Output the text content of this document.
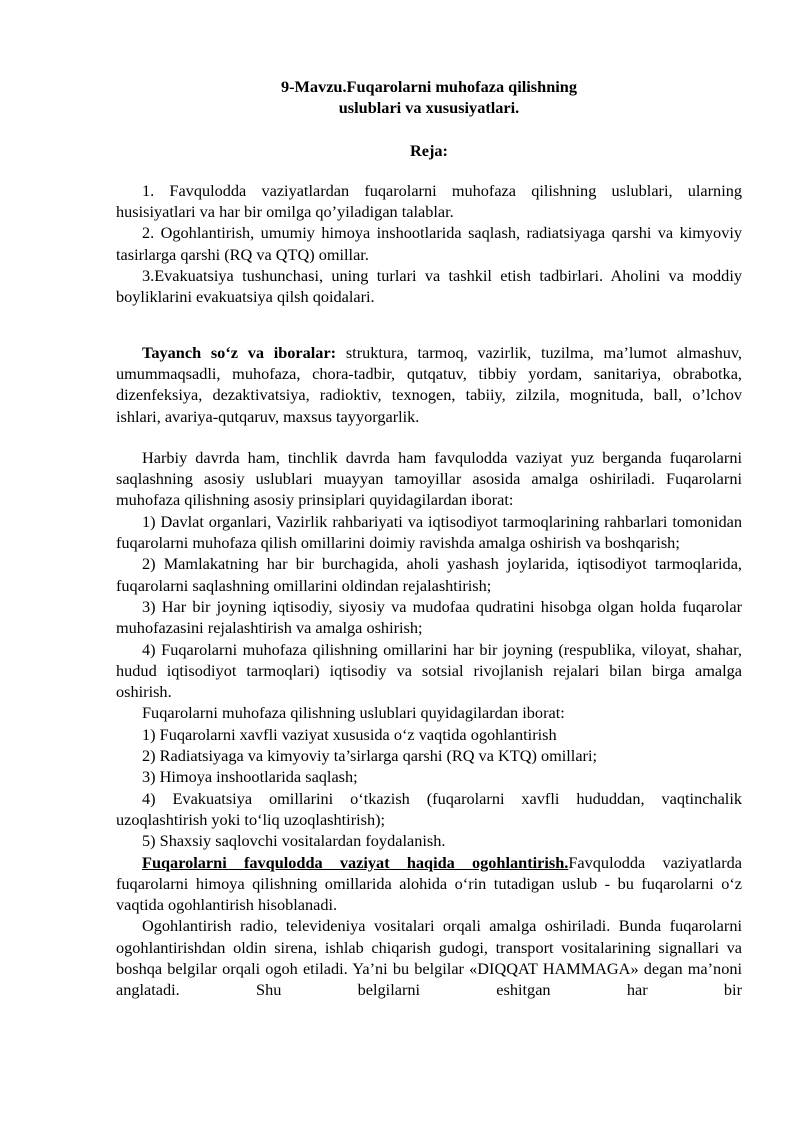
9-Mavzu.Fuqarolarni muhofaza qilishning
uslublari va xususiyatlari.
Reja:

1. Favqulodda vaziyatlardan fuqarolarni muhofaza qilishning uslublari, ularning husisiyatlari va har bir omilga qo’yiladigan talablar.

2. Ogohlantirish, umumiy himoya inshootlarida saqlash, radiatsiyaga qarshi va kimyoviy tasirlarga qarshi (RQ va QTQ) omillar.

3.Evakuatsiya tushunchasi, uning turlari va tashkil etish tadbirlari. Aholini va moddiy boyliklarini evakuatsiya qilsh qoidalari.

Tayanch so‘z va iboralar: struktura, tarmoq, vazirlik, tuzilma, ma’lumot almashuv, umummaqsadli, muhofaza, chora-tadbir, qutqatuv, tibbiy yordam, sanitariya, obrabotka, dizenfeksiya, dezaktivatsiya, radioktiv, texnogen, tabiiy, zilzila, mognituda, ball, o’lchov ishlari, avariya-qutqaruv, maxsus tayyorgarlik.

Harbiy davrda ham, tinchlik davrda ham favqulodda vaziyat yuz berganda fuqarolarni saqlashning asosiy uslublari muayyan tamoyillar asosida amalga oshiriladi. Fuqarolarni muhofaza qilishning asosiy prinsiplari quyidagilardan iborat:

1) Davlat organlari, Vazirlik rahbariyati va iqtisodiyot tarmoqlarining rahbarlari tomonidan fuqarolarni muhofaza qilish omillarini doimiy ravishda amalga oshirish va boshqarish;

2) Mamlakatning har bir burchagida, aholi yashash joylarida, iqtisodiyot tarmoqlarida, fuqarolarni saqlashning omillarini oldindan rejalashtirish;

3) Har bir joyning iqtisodiy, siyosiy va mudofaa qudratini hisobga olgan holda fuqarolar muhofazasini rejalashtirish va amalga oshirish;

4) Fuqarolarni muhofaza qilishning omillarini har bir joyning (respublika, viloyat, shahar, hudud iqtisodiyot tarmoqlari) iqtisodiy va sotsial rivojlanish rejalari bilan birga amalga oshirish.

Fuqarolarni muhofaza qilishning uslublari quyidagilardan iborat:

1) Fuqarolarni xavfli vaziyat xususida o‘z vaqtida ogohlantirish

2) Radiatsiyaga va kimyoviy ta’sirlarga qarshi (RQ va KTQ) omillari;

3) Himoya inshootlarida saqlash;

4) Evakuatsiya omillarini o‘tkazish (fuqarolarni xavfli hududdan, vaqtinchalik uzoqlashtirish yoki to‘liq uzoqlashtirish);

5) Shaxsiy saqlovchi vositalardan foydalanish.

Fuqarolarni favqulodda vaziyat haqida ogohlantirish.Favqulodda vaziyatlarda fuqarolarni himoya qilishning omillarida alohida o‘rin tutadigan uslub - bu fuqarolarni o‘z vaqtida ogohlantirish hisoblanadi.

Ogohlantirish radio, televideniya vositalari orqali amalga oshiriladi. Bunda fuqarolarni ogohlantirishdan oldin sirena, ishlab chiqarish gudogi, transport vositalarining signallari va boshqa belgilar orqali ogoh etiladi. Ya’ni bu belgilar «DIQQAT HAMMAGA» degan ma’noni anglatadi. Shu belgilarni eshitgan har bir
